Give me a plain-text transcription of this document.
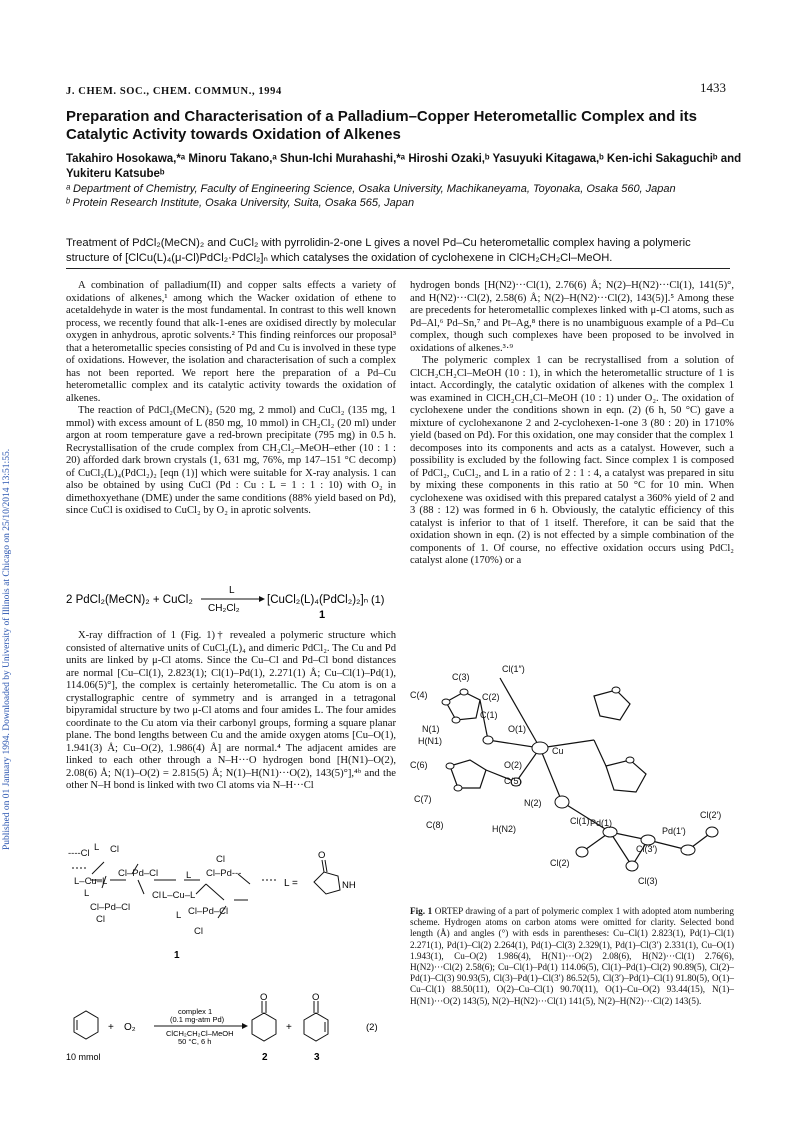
Published on 01 January 1994. Downloaded by University of Illinois at Chicago on 25/10/2014 13:51:55.
J. CHEM. SOC., CHEM. COMMUN., 1994	1433
Preparation and Characterisation of a Palladium–Copper Heterometallic Complex and its Catalytic Activity towards Oxidation of Alkenes
Takahiro Hosokawa,*ᵃ Minoru Takano,ᵃ Shun-Ichi Murahashi,*ᵃ Hiroshi Ozaki,ᵇ Yasuyuki Kitagawa,ᵇ Ken-ichi Sakaguchiᵇ and Yukiteru Katsubeᵇ
ᵃ Department of Chemistry, Faculty of Engineering Science, Osaka University, Machikaneyama, Toyonaka, Osaka 560, Japan
ᵇ Protein Research Institute, Osaka University, Suita, Osaka 565, Japan
Treatment of PdCl₂(MeCN)₂ and CuCl₂ with pyrrolidin-2-one L gives a novel Pd–Cu heterometallic complex having a polymeric structure of [ClCu(L)₄(μ-Cl)PdCl₂·PdCl₂]ₙ which catalyses the oxidation of cyclohexene in ClCH₂CH₂Cl–MeOH.

A combination of palladium(II) and copper salts effects a variety of oxidations of alkenes,¹ among which the Wacker oxidation of ethene to acetaldehyde in water is the most fundamental. In contrast to this well known process, we recently found that alk-1-enes are oxidised directly by molecular oxygen in anhydrous, aprotic solvents.² This finding reinforces our proposal³ that a heterometallic species consisting of Pd and Cu is involved in these type of oxidations. However, the isolation and characterisation of such a complex has not been reported. We report here the preparation of a Pd–Cu heterometallic complex and its catalytic activity towards the oxidation of alkenes.

The reaction of PdCl₂(MeCN)₂ (520 mg, 2 mmol) and CuCl₂ (135 mg, 1 mmol) with excess amount of L (850 mg, 10 mmol) in CH₂Cl₂ (20 ml) under argon at room temperature gave a red-brown precipitate (795 mg) in 0.5 h. Recrystallisation of the crude complex from CH₂Cl₂–MeOH–ether (10 : 1 : 20) afforded dark brown crystals (1, 631 mg, 76%, mp 147–151 °C decomp) of CuCl₂(L)₄(PdCl₂)₂ [eqn (1)] which were suitable for X-ray analysis. 1 can also be obtained by using CuCl (Pd : Cu : L = 1 : 1 : 10) with O₂ in dimethoxyethane (DME) under the same conditions (88% yield based on Pd), since CuCl is oxidised to CuCl₂ by O₂ in aprotic solvents.

2 PdCl₂(MeCN)₂ + CuCl₂
L
CH₂Cl₂
[CuCl₂(L)₄(PdCl₂)₂]ₙ
1
(1)

X-ray diffraction of 1 (Fig. 1)† revealed a polymeric structure which consisted of alternative units of CuCl₂(L)₄ and dimeric PdCl₂. The Cu and Pd units are linked by μ-Cl atoms. Since the Cu–Cl and Pd–Cl bond distances are normal [Cu–Cl(1), 2.823(1); Cl(1)–Pd(1), 2.271(1) Å; Cu–Cl(1)–Pd(1), 114.06(5)°], the complex is certainly heterometallic. The Cu atom is on a crystallographic centre of symmetry and is arranged in a tetragonal bipyramidal structure by two μ-Cl atoms and four amides L. The four amides coordinate to the Cu atom via their carbonyl groups, forming a square planar plane. The bond lengths between Cu and the amide oxygen atoms [Cu–O(1), 1.941(3) Å; Cu–O(2), 1.986(4) Å] are normal.⁴ The adjacent amides are linked to each other through a N–H···O hydrogen bond [H(N1)–O(2), 2.08(6) Å; N(1)–O(2) = 2.815(5) Å; N(1)–H(N1)···O(2), 143(5)°],⁴ᵇ and the other N–H bond is linked with two Cl atoms via N–H···Cl

----Cl
L Cl
L–Cu–L
Cl–Pd–Cl
L
Cl–Pd–Cl
Cl
Cl L–Cu–L
L Cl–Pd---
Cl
L Cl–Pd–Cl
Cl
1
L =
O
NH
O	O
+ O₂
complex 1
(0.1 mg-atm Pd)
ClCH₂CH₂Cl–MeOH
50 °C, 6 h
+	(2)
10 mmol	2	3

hydrogen bonds [H(N2)···Cl(1), 2.76(6) Å; N(2)–H(N2)···Cl(1), 141(5)°, and H(N2)···Cl(2), 2.58(6) Å; N(2)–H(N2)···Cl(2), 143(5)].⁵ Among these are precedents for heterometallic complexes linked with μ-Cl atoms, such as Pd–Al,⁶ Pd–Sn,⁷ and Pt–Ag,⁸ there is no unambiguous example of a Pd–Cu complex, though such complexes have been proposed to be involved in oxidations of alkenes.³·⁹

The polymeric complex 1 can be recrystallised from a solution of ClCH₂CH₂Cl–MeOH (10 : 1), in which the heterometallic structure of 1 is intact. Accordingly, the catalytic oxidation of alkenes with the complex 1 was examined in ClCH₂CH₂Cl–MeOH (10 : 1) under O₂. The oxidation of cyclohexene under the conditions shown in eqn. (2) (6 h, 50 °C) gave a mixture of cyclohexanone 2 and 2-cyclohexen-1-one 3 (80 : 20) in 1710% yield (based on Pd). For this oxidation, one may consider that the complex 1 decomposes into its components and acts as a catalyst. However, such a possibility is excluded by the following fact. Since complex 1 is composed of PdCl₂, CuCl₂, and L in a ratio of 2 : 1 : 4, a catalyst was prepared in situ by mixing these components in this ratio at 50 °C for 10 min. When cyclohexene was oxidised with this prepared catalyst a 360% yield of 2 and 3 (88 : 12) was formed in 6 h. Obviously, the catalytic efficiency of this catalyst is inferior to that of 1 itself. Therefore, it can be said that the oxidation shown in eqn. (2) is not effected by a simple combination of the components of 1. Of course, no effective oxidation occurs using PdCl₂ catalyst alone (170%) or a

Cl(1″)
C(3)
C(4)	C(2)
C(1)
O(1)
N(1)
H(N1)
Cu
C(6)	O(2)
C(5)
C(7)	N(2)
Cl(1)
C(8)	H(N2)
Pd(1)
Cl(2′)
Cl(3′)
Pd(1′)
Cl(2)
Cl(3)
Fig. 1 ORTEP drawing of a part of polymeric complex 1 with adopted atom numbering scheme. Hydrogen atoms on carbon atoms were omitted for clarity. Selected bond length (Å) and angles (°) with esds in parentheses: Cu–Cl(1) 2.823(1), Pd(1)–Cl(1) 2.271(1), Pd(1)–Cl(2) 2.264(1), Pd(1)–Cl(3) 2.329(1), Pd(1)–Cl(3′) 2.331(1), Cu–O(1) 1.943(1), Cu–O(2) 1.986(4), H(N1)···O(2) 2.08(6), H(N2)···Cl(1) 2.76(6), H(N2)···Cl(2) 2.58(6); Cu–Cl(1)–Pd(1) 114.06(5), Cl(1)–Pd(1)–Cl(2) 90.89(5), Cl(2)–Pd(1)–Cl(3) 90.93(5), Cl(3)–Pd(1)–Cl(3′) 86.52(5), Cl(3′)–Pd(1)–Cl(1) 91.80(5), O(1)–Cu–Cl(1) 88.50(11), O(2)–Cu–Cl(1) 90.70(11), O(1)–Cu–O(2) 93.44(15), N(1)–H(N1)···O(2) 143(5), N(2)–H(N2)···Cl(1) 141(5), N(2)–H(N2)···Cl(2) 143(5).
